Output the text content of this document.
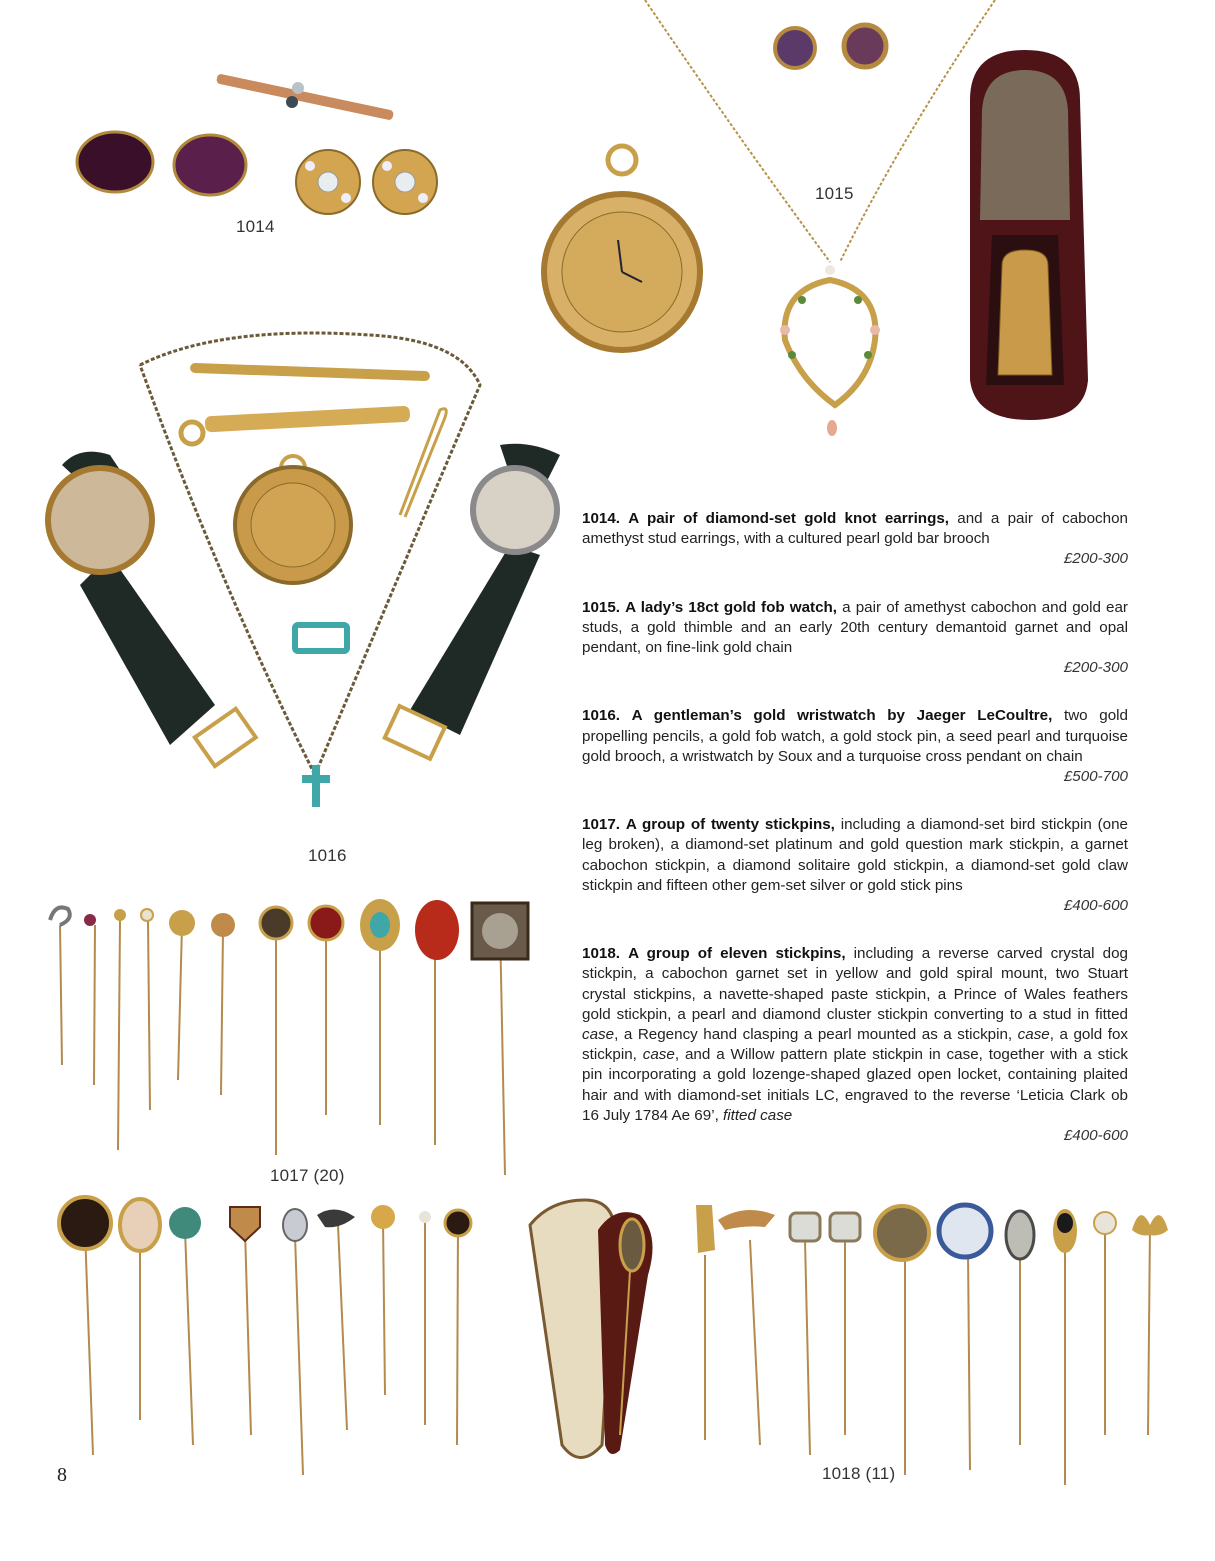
1014
1015
1016
1017 (20)
1018 (11)

1014. A pair of diamond-set gold knot earrings, and a pair of cabochon amethyst stud earrings, with a cultured pearl gold bar brooch
£200-300

1015. A lady’s 18ct gold fob watch, a pair of amethyst cabochon and gold ear studs, a gold thimble and an early 20th century demantoid garnet and opal pendant, on fine-link gold chain
£200-300

1016. A gentleman’s gold wristwatch by Jaeger LeCoultre, two gold propelling pencils, a gold fob watch, a gold stock pin, a seed pearl and turquoise gold brooch, a wristwatch by Soux and a turquoise cross pendant on chain
£500-700

1017. A group of twenty stickpins, including a diamond-set bird stickpin (one leg broken), a diamond-set platinum and gold question mark stickpin, a garnet cabochon stickpin, a diamond solitaire gold stickpin, a diamond-set gold claw stickpin and fifteen other gem-set silver or gold stick pins
£400-600

1018. A group of eleven stickpins, including a reverse carved crystal dog stickpin, a cabochon garnet set in yellow and gold spiral mount, two Stuart crystal stickpins, a navette-shaped paste stickpin, a Prince of Wales feathers gold stickpin, a pearl and diamond cluster stickpin converting to a stud in fitted case, a Regency hand clasping a pearl mounted as a stickpin, case, a gold fox stickpin, case, and a Willow pattern plate stickpin in case, together with a stick pin incorporating a gold lozenge-shaped glazed open locket, containing plaited hair and with diamond-set initials LC, engraved to the reverse ‘Leticia Clark ob 16 July 1784 Ae 69’, fitted case
£400-600

8
